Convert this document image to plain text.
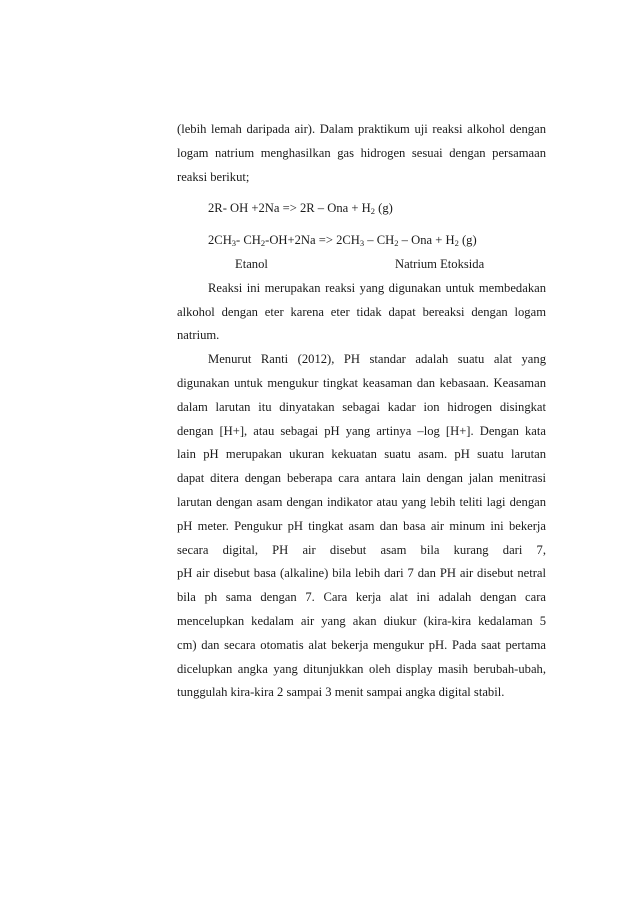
(lebih lemah daripada air). Dalam praktikum uji reaksi alkohol dengan
logam natrium menghasilkan gas hidrogen sesuai dengan persamaan
reaksi berikut;
2R- OH +2Na => 2R – Ona + $H_2$ (g)
$2CH_3-$ $CH_2-OH+2Na => 2CH_3 - CH_2$ – Ona + $H_2$ (g)
Etanol	Natrium Etoksida
Reaksi ini merupakan reaksi yang digunakan untuk membedakan
alkohol dengan eter karena eter tidak dapat bereaksi dengan logam
natrium.
Menurut Ranti (2012), PH standar adalah suatu alat yang
digunakan untuk mengukur tingkat keasaman dan kebasaan. Keasaman
dalam larutan itu dinyatakan sebagai kadar ion hidrogen disingkat
dengan [H+], atau sebagai pH yang artinya –log [H+]. Dengan kata
lain pH merupakan ukuran kekuatan suatu asam. pH suatu larutan
dapat ditera dengan beberapa cara antara lain dengan jalan menitrasi
larutan dengan asam dengan indikator atau yang lebih teliti lagi dengan
pH meter. Pengukur pH tingkat asam dan basa air minum ini bekerja
secara digital, PH air disebut asam bila kurang dari 7,
pH air disebut basa (alkaline) bila lebih dari 7 dan PH air disebut netral
bila ph sama dengan 7. Cara kerja alat ini adalah dengan cara
mencelupkan kedalam air yang akan diukur (kira-kira kedalaman 5
cm) dan secara otomatis alat bekerja mengukur pH. Pada saat pertama
dicelupkan angka yang ditunjukkan oleh display masih berubah-ubah,
tunggulah kira-kira 2 sampai 3 menit sampai angka digital stabil.
